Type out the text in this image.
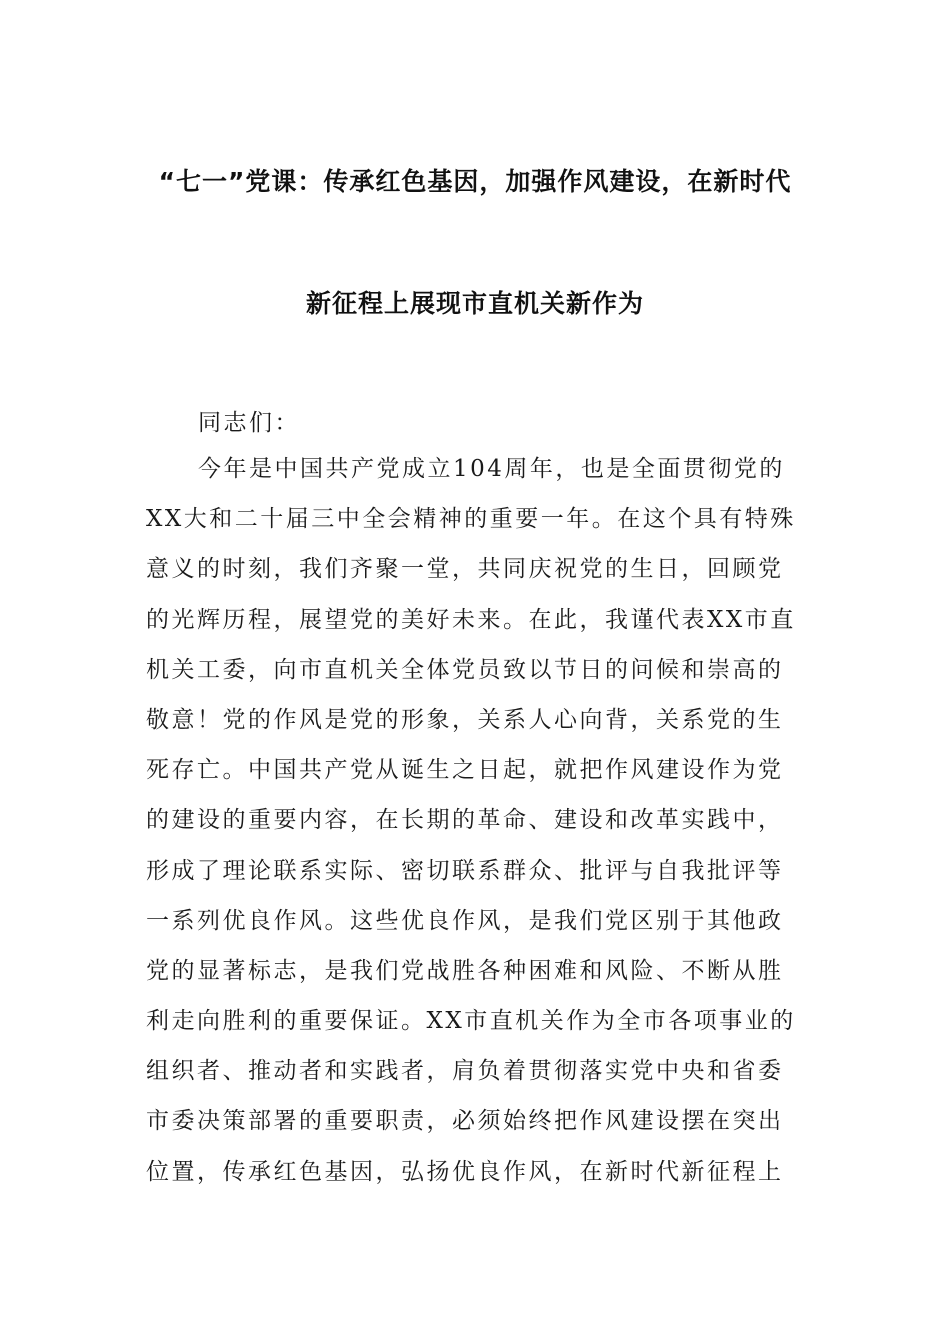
“七一”党课：传承红色基因，加强作风建设，在新时代
新征程上展现市直机关新作为
同志们：
今年是中国共产党成立104周年，也是全面贯彻党的
XX大和二十届三中全会精神的重要一年。在这个具有特殊
意义的时刻，我们齐聚一堂，共同庆祝党的生日，回顾党
的光辉历程，展望党的美好未来。在此，我谨代表XX市直
机关工委，向市直机关全体党员致以节日的问候和崇高的
敬意！党的作风是党的形象，关系人心向背，关系党的生
死存亡。中国共产党从诞生之日起，就把作风建设作为党
的建设的重要内容，在长期的革命、建设和改革实践中，
形成了理论联系实际、密切联系群众、批评与自我批评等
一系列优良作风。这些优良作风，是我们党区别于其他政
党的显著标志，是我们党战胜各种困难和风险、不断从胜
利走向胜利的重要保证。XX市直机关作为全市各项事业的
组织者、推动者和实践者，肩负着贯彻落实党中央和省委
市委决策部署的重要职责，必须始终把作风建设摆在突出
位置，传承红色基因，弘扬优良作风，在新时代新征程上
